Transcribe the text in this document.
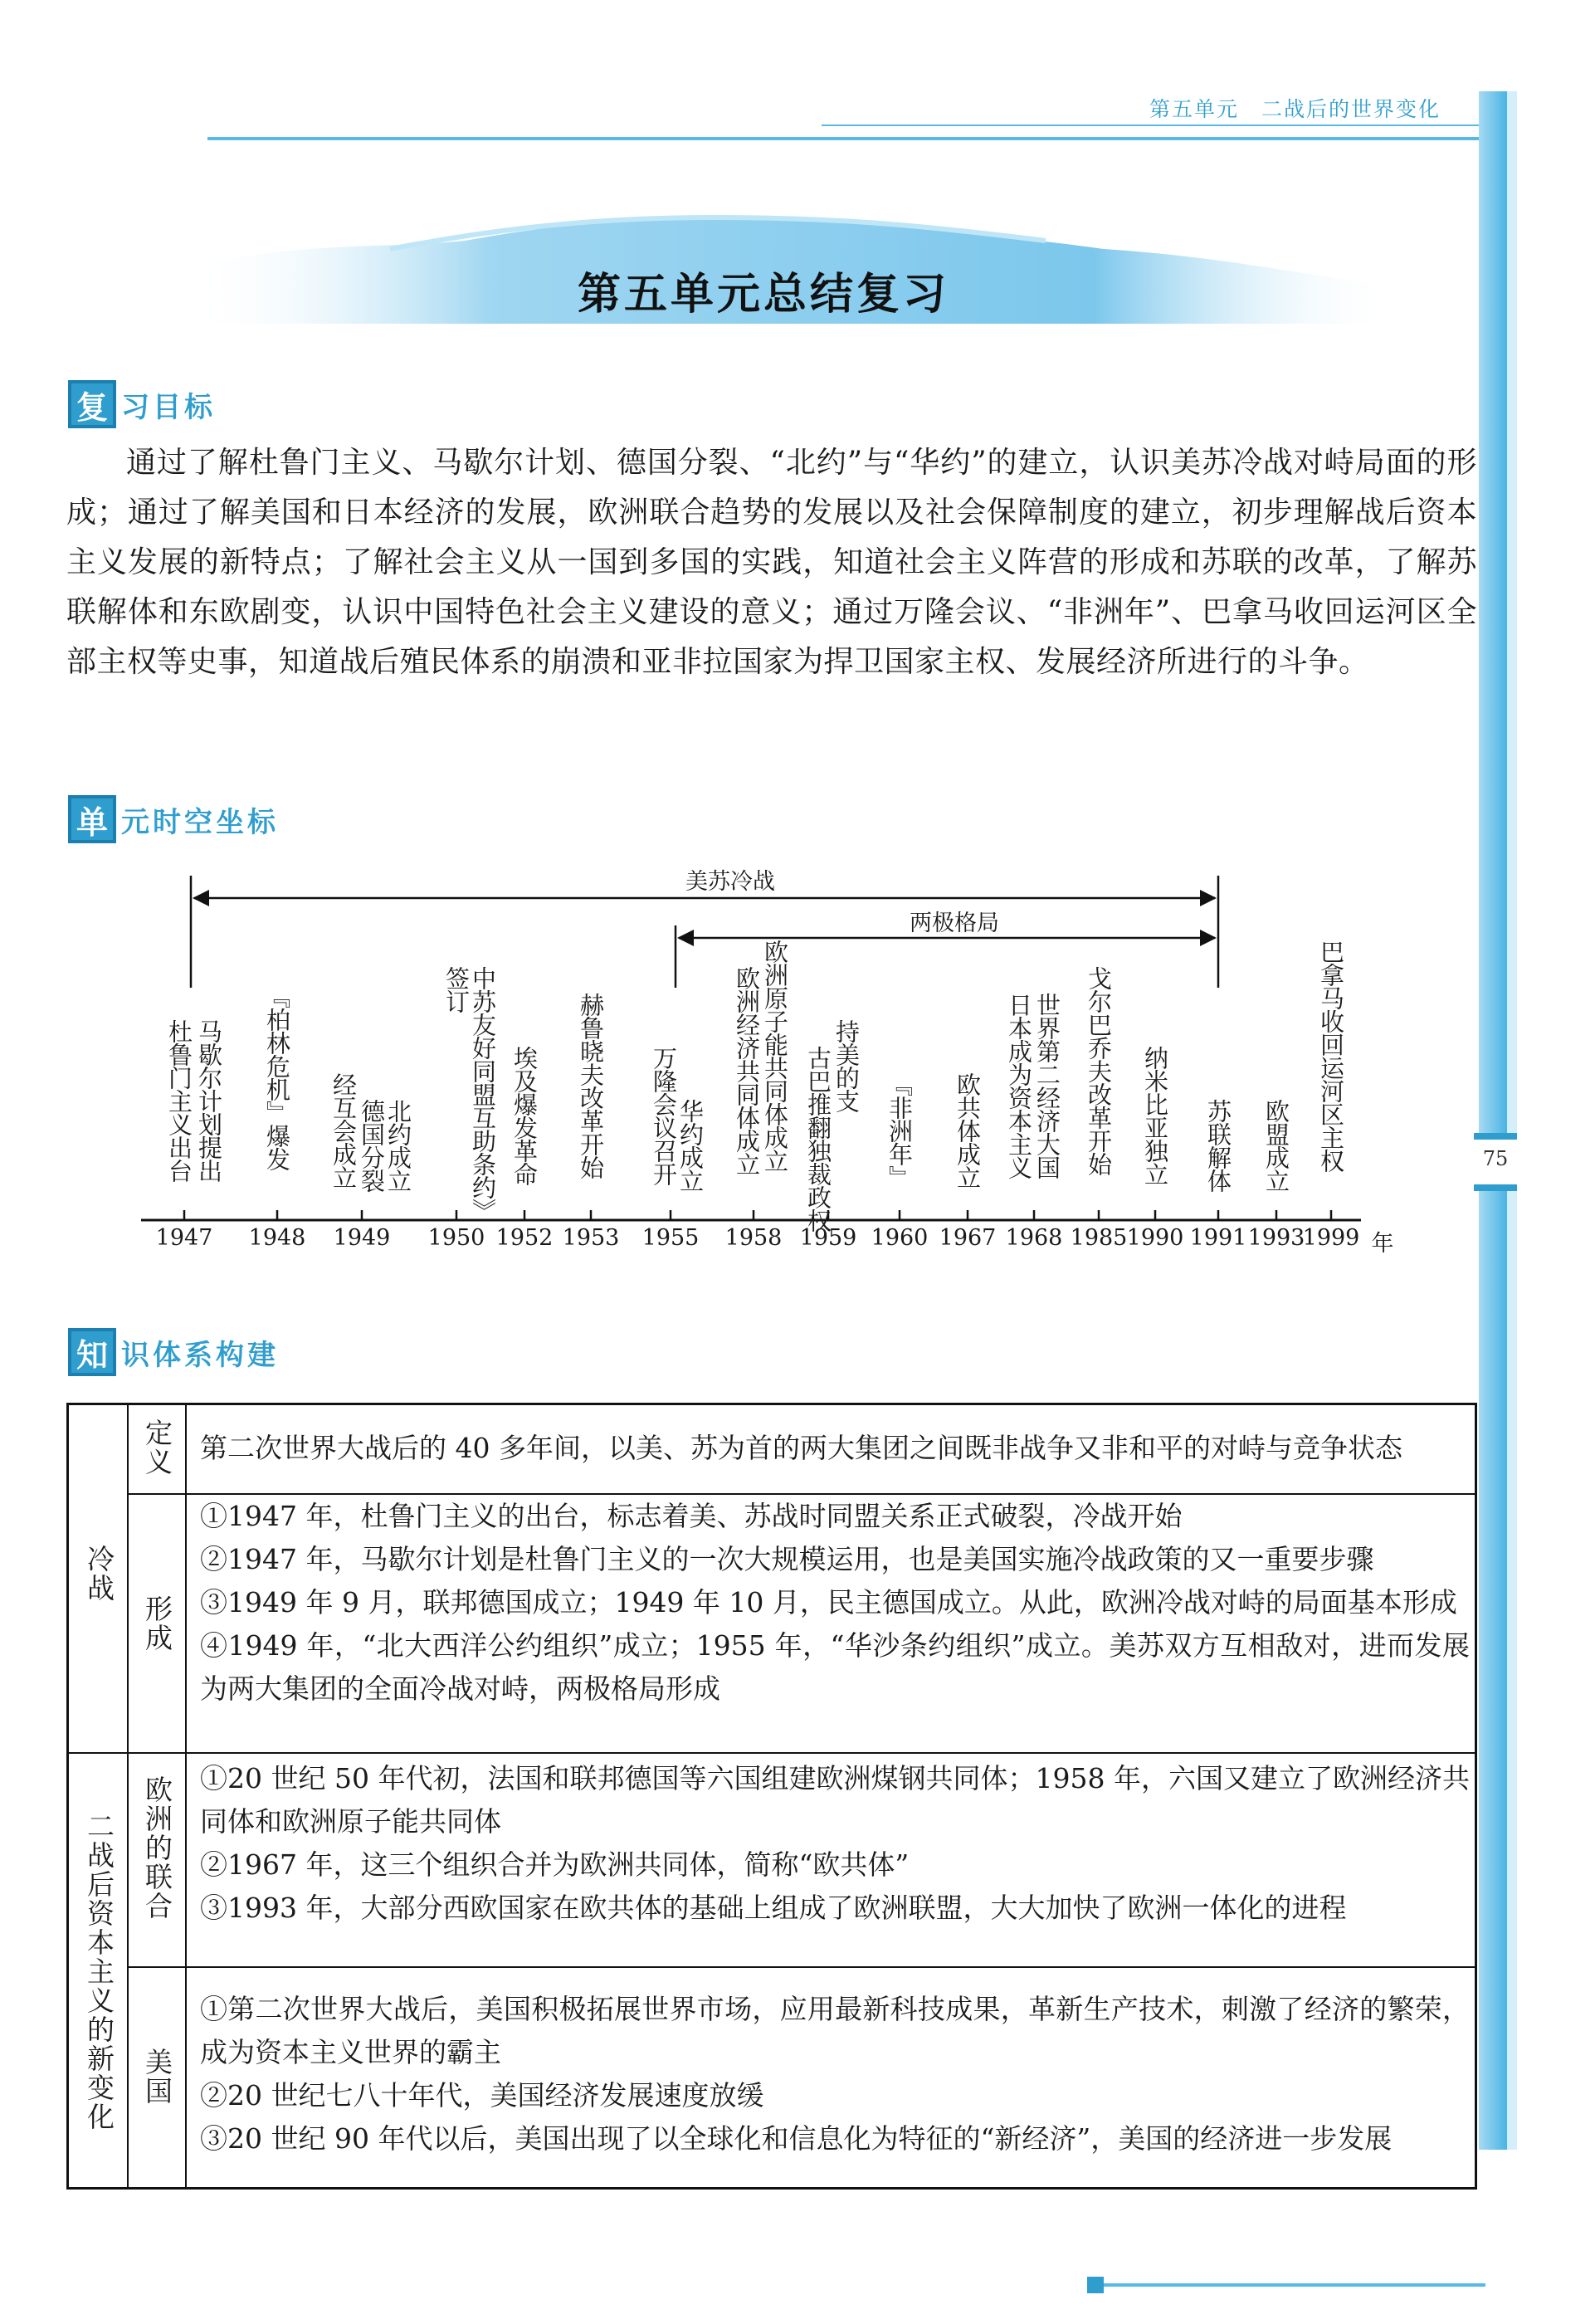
第五单元　二战后的世界变化
75
第五单元总结复习
复 习目标
通过了解杜鲁门主义、马歇尔计划、德国分裂、“北约”与“华约”的建立，认识美苏冷战对峙局面的形成；通过了解美国和日本经济的发展，欧洲联合趋势的发展以及社会保障制度的建立，初步理解战后资本主义发展的新特点；了解社会主义从一国到多国的实践，知道社会主义阵营的形成和苏联的改革，了解苏联解体和东欧剧变，认识中国特色社会主义建设的意义；通过万隆会议、“非洲年”、巴拿马收回运河区全部主权等史事，知道战后殖民体系的崩溃和亚非拉国家为捍卫国家主权、发展经济所进行的斗争。
单 元时空坐标
美苏冷战
两极格局
杜鲁门主义出台 马歇尔计划提出 『柏林危机』爆发 经互会成立 德国分裂
北约成立	中苏友好同盟互助条约》签订
埃及爆发革命 赫鲁晓夫改革开始 万隆会议召开
华约成立 欧洲经济共同体成立 欧洲原子能共同体成立 古巴推翻独裁政权 持美的支
『非洲年』 欧共体成立 日本成为资本主义 世界第二经济大国 戈尔巴乔夫改革开始 纳米比亚独立 苏联解体 欧盟成立 巴拿马收回运河区主权
1947 1948 1949 1950 1952 1953 1955 1958 1959 1960 1967 1968 1985 1990 1991 1993
1999 年
知 识体系构建
冷战
二战后资本主义的新变化
定义
形成
欧洲的联合
美国
第二次世界大战后的 40 多年间，以美、苏为首的两大集团之间既非战争又非和平的对峙与竞争状态

①1947 年，杜鲁门主义的出台，标志着美、苏战时同盟关系正式破裂，冷战开始

②1947 年，马歇尔计划是杜鲁门主义的一次大规模运用，也是美国实施冷战政策的又一重要步骤

③1949 年 9 月，联邦德国成立；1949 年 10 月，民主德国成立。从此，欧洲冷战对峙的局面基本形成

④1949 年，“北大西洋公约组织”成立；1955 年，“华沙条约组织”成立。美苏双方互相敌对，进而发展为两大集团的全面冷战对峙，两极格局形成

①20 世纪 50 年代初，法国和联邦德国等六国组建欧洲煤钢共同体；1958 年，六国又建立了欧洲经济共同体和欧洲原子能共同体

②1967 年，这三个组织合并为欧洲共同体，简称“欧共体”

③1993 年，大部分西欧国家在欧共体的基础上组成了欧洲联盟，大大加快了欧洲一体化的进程

①第二次世界大战后，美国积极拓展世界市场，应用最新科技成果，革新生产技术，刺激了经济的繁荣，成为资本主义世界的霸主

②20 世纪七八十年代，美国经济发展速度放缓

③20 世纪 90 年代以后，美国出现了以全球化和信息化为特征的“新经济”，美国的经济进一步发展
